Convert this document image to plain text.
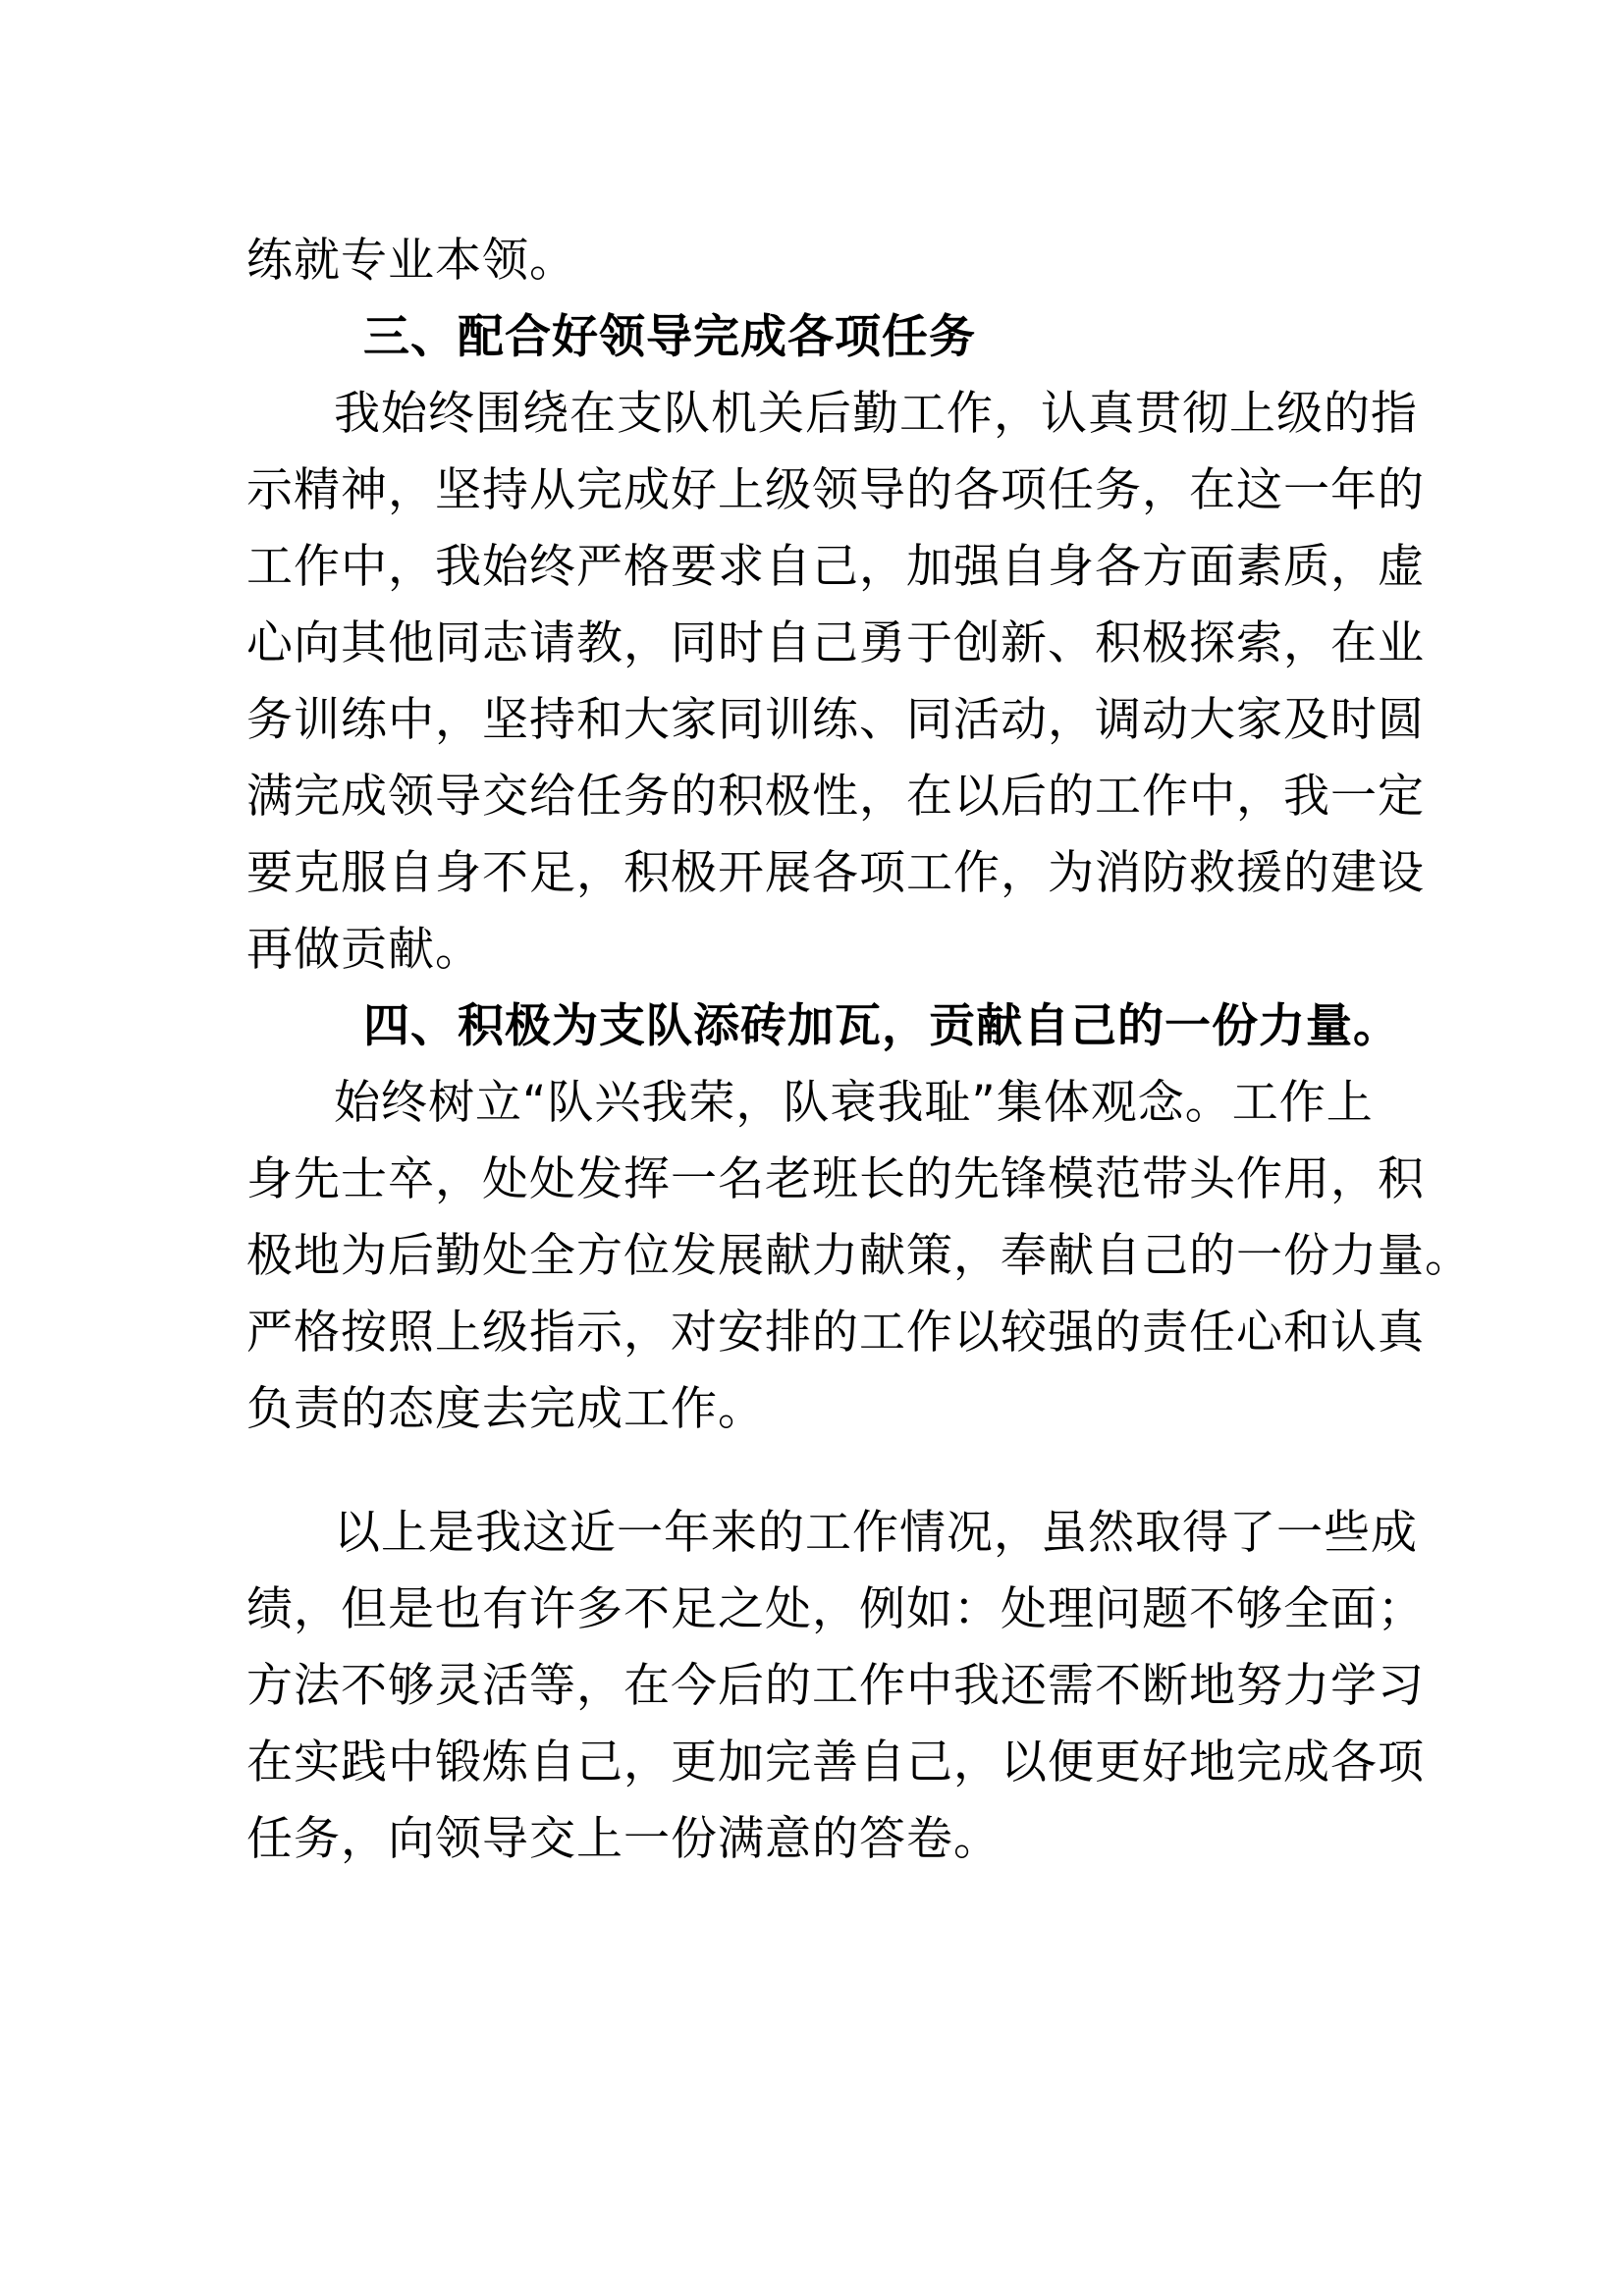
练就专业本领。
三、配合好领导完成各项任务
我始终围绕在支队机关后勤工作，认真贯彻上级的指
示精神，坚持从完成好上级领导的各项任务，在这一年的
工作中，我始终严格要求自己，加强自身各方面素质，虚
心向其他同志请教，同时自己勇于创新、积极探索，在业
务训练中，坚持和大家同训练、同活动，调动大家及时圆
满完成领导交给任务的积极性，在以后的工作中，我一定
要克服自身不足，积极开展各项工作，为消防救援的建设
再做贡献。
四、积极为支队添砖加瓦，贡献自己的一份力量。
始终树立“队兴我荣，队衰我耻”集体观念。工作上
身先士卒，处处发挥一名老班长的先锋模范带头作用，积
极地为后勤处全方位发展献力献策，奉献自己的一份力量。
严格按照上级指示，对安排的工作以较强的责任心和认真
负责的态度去完成工作。
以上是我这近一年来的工作情况，虽然取得了一些成
绩，但是也有许多不足之处，例如：处理问题不够全面；
方法不够灵活等，在今后的工作中我还需不断地努力学习
在实践中锻炼自己，更加完善自己，以便更好地完成各项
任务，向领导交上一份满意的答卷。
